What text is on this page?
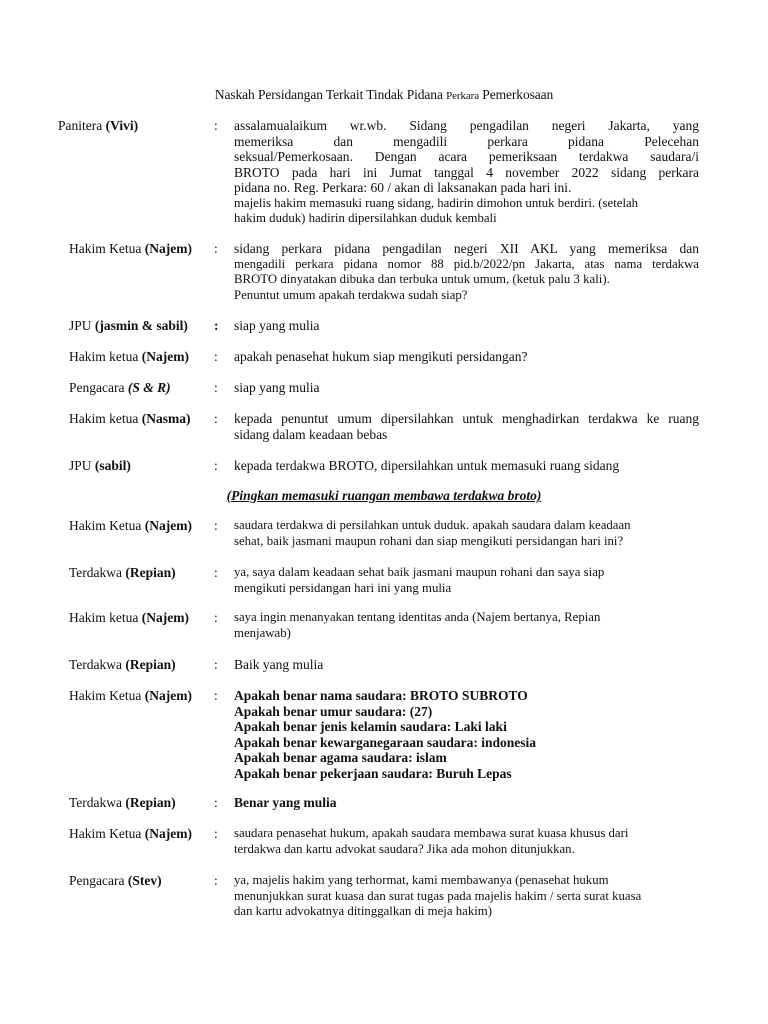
Naskah Persidangan Terkait Tindak Pidana Perkara Pemerkosaan
Panitera (Vivi)	: assalamualaikum wr.wb. Sidang pengadilan negeri Jakarta, yang

memeriksa dan mengadili perkara pidana Pelecehan

seksual/Pemerkosaan. Dengan acara pemeriksaan terdakwa saudara/i

BROTO pada hari ini Jumat tanggal 4 november 2022 sidang perkara

pidana no. Reg. Perkara: 60 / akan di laksanakan pada hari ini.

majelis hakim memasuki ruang sidang, hadirin dimohon untuk berdiri. (setelah

hakim duduk) hadirin dipersilahkan duduk kembali

Hakim Ketua (Najem) : sidang perkara pidana pengadilan negeri XII AKL yang memeriksa dan

mengadili perkara pidana nomor 88 pid.b/2022/pn Jakarta, atas nama terdakwa

BROTO dinyatakan dibuka dan terbuka untuk umum, (ketuk palu 3 kali).

Penuntut umum apakah terdakwa sudah siap?

JPU (jasmin & sabil) : siap yang mulia

Hakim ketua (Najem) : apakah penasehat hukum siap mengikuti persidangan?

Pengacara (S & R)	: siap yang mulia

Hakim ketua (Nasma) : kepada penuntut umum dipersilahkan untuk menghadirkan terdakwa ke ruang

sidang dalam keadaan bebas

JPU (sabil)	: kepada terdakwa BROTO, dipersilahkan untuk memasuki ruang sidang

(Pingkan memasuki ruangan membawa terdakwa broto)
Hakim Ketua (Najem) : saudara terdakwa di persilahkan untuk duduk. apakah saudara dalam keadaan

sehat, baik jasmani maupun rohani dan siap mengikuti persidangan hari ini?

Terdakwa (Repian)	: ya, saya dalam keadaan sehat baik jasmani maupun rohani dan saya siap

mengikuti persidangan hari ini yang mulia

Hakim ketua (Najem) : saya ingin menanyakan tentang identitas anda (Najem bertanya, Repian

menjawab)

Terdakwa (Repian)	: Baik yang mulia

Hakim Ketua (Najem) : Apakah benar nama saudara: BROTO SUBROTO

Apakah benar umur saudara: (27)

Apakah benar jenis kelamin saudara: Laki laki

Apakah benar kewarganegaraan saudara: indonesia

Apakah benar agama saudara: islam

Apakah benar pekerjaan saudara: Buruh Lepas

Terdakwa (Repian)	: Benar yang mulia

Hakim Ketua (Najem) : saudara penasehat hukum, apakah saudara membawa surat kuasa khusus dari

terdakwa dan kartu advokat saudara? Jika ada mohon ditunjukkan.

Pengacara (Stev)	: ya, majelis hakim yang terhormat, kami membawanya (penasehat hukum

menunjukkan surat kuasa dan surat tugas pada majelis hakim / serta surat kuasa

dan kartu advokatnya ditinggalkan di meja hakim)
